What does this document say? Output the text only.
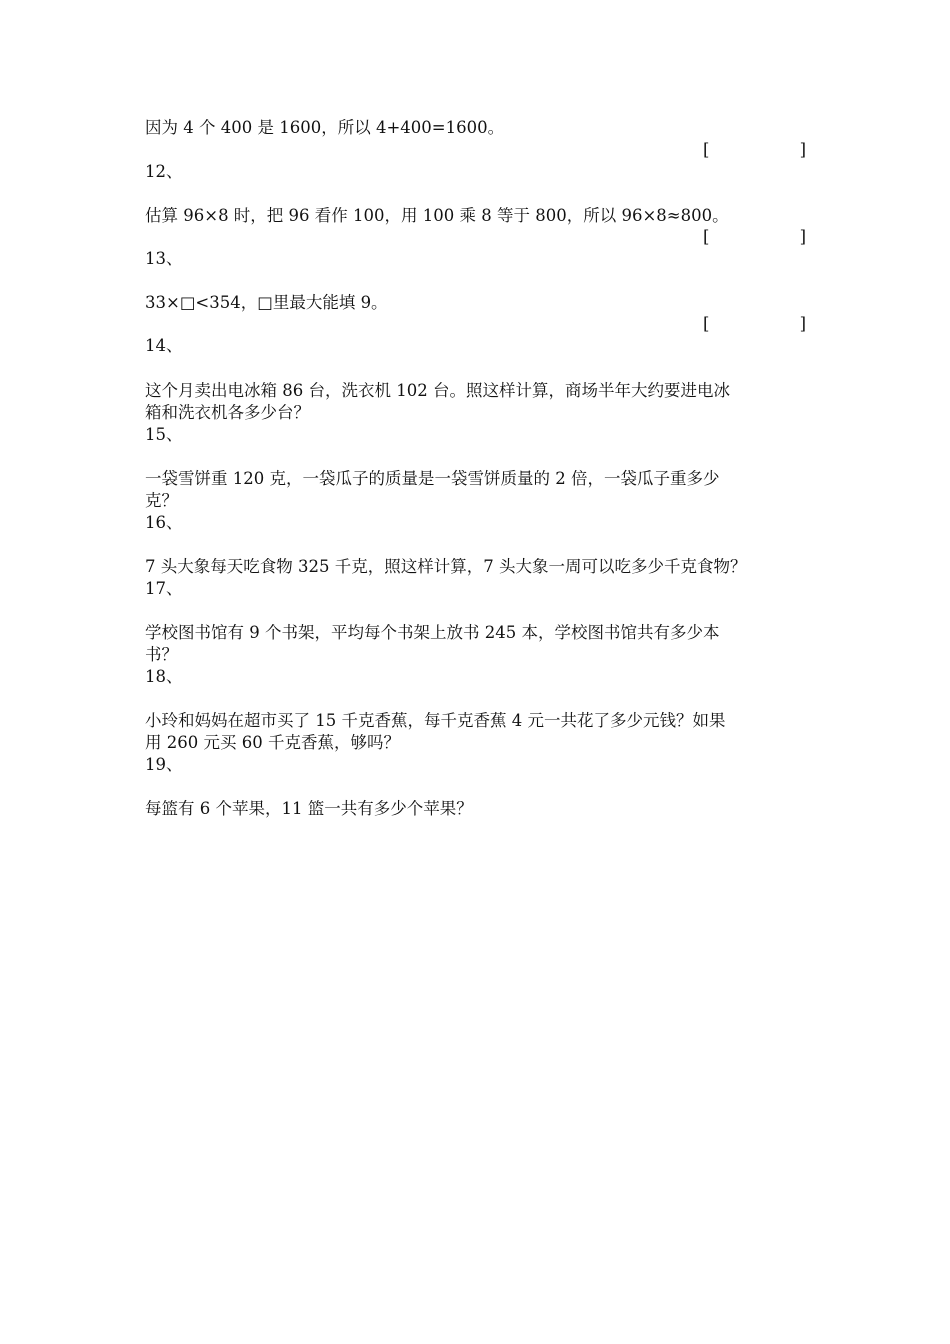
因为 4 个 400 是 1600，所以 4+400=1600。
[	]
12、
估算 96×8 时，把 96 看作 100，用 100 乘 8 等于 800，所以 96×8≈800。
[	]
13、
33×□<354，□里最大能填 9。
[	]
14、
这个月卖出电冰箱 86 台，洗衣机 102 台。照这样计算，商场半年大约要进电冰
箱和洗衣机各多少台？
15、
一袋雪饼重 120 克，一袋瓜子的质量是一袋雪饼质量的 2 倍，一袋瓜子重多少
克？
16、
7 头大象每天吃食物 325 千克，照这样计算，7 头大象一周可以吃多少千克食物？
17、
学校图书馆有 9 个书架，平均每个书架上放书 245 本，学校图书馆共有多少本
书？
18、
小玲和妈妈在超市买了 15 千克香蕉，每千克香蕉 4 元一共花了多少元钱？如果
用 260 元买 60 千克香蕉，够吗？
19、
每篮有 6 个苹果，11 篮一共有多少个苹果？
